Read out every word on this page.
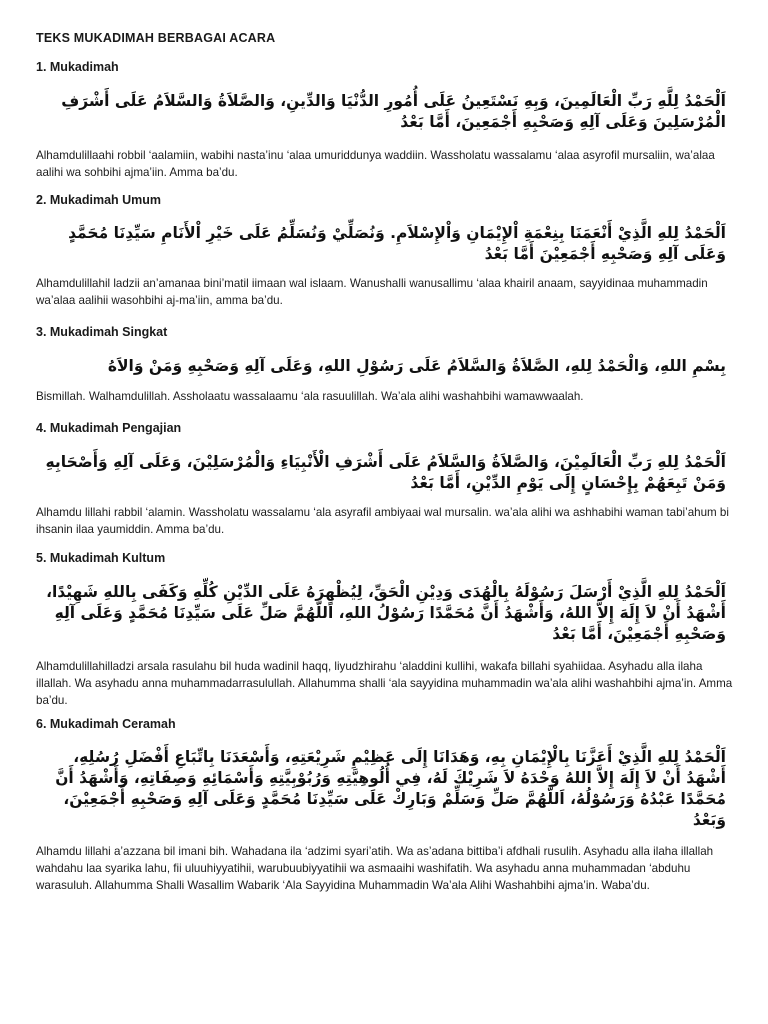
TEKS MUKADIMAH BERBAGAI ACARA
1. Mukadimah
اَلْحَمْدُ لِلَّهِ رَبِّ الْعَالَمِينَ، وَبِهِ نَسْتَعِينُ عَلَى أُمُورِ الدُّنْيَا وَالدِّينِ، وَالصَّلاَةُ وَالسَّلاَمُ عَلَى أَشْرَفِ الْمُرْسَلِينَ وَعَلَى آلِهِ وَصَحْبِهِ أَجْمَعِينَ، أَمَّا بَعْدُ
Alhamdulillaahi robbil ‘aalamiin, wabihi nasta’inu ‘alaa umuriddunya waddiin. Wassholatu wassalamu ‘alaa asyrofil mursaliin, wa’alaa aalihi wa sohbihi ajma’iin. Amma ba’du.
2. Mukadimah Umum
اَلْحَمْدُ لِلهِ الَّذِيْ أَنْعَمَنَا بِنِعْمَةِ اْلإِيْمَانِ وَاْلإِسْلاَمِ. وَنُصَلِّيْ وَنُسَلِّمُ عَلَى خَيْرِ اْلأَنَامِ سَيِّدِنَا مُحَمَّدٍ وَعَلَى آلِهِ وَصَحْبِهِ أَجْمَعِيْنَ أَمَّا بَعْدُ
Alhamdulillahil ladzii an’amanaa bini’matil iimaan wal islaam. Wanushalli wanusallimu ‘alaa khairil anaam, sayyidinaa muhammadin wa’alaa aalihii wasohbihi aj-ma’iin, amma ba’du.
3. Mukadimah Singkat
بِسْمِ اللهِ، وَالْحَمْدُ لِلهِ، الصَّلاَةُ وَالسَّلاَمُ عَلَى رَسُوْلِ اللهِ، وَعَلَى آلِهِ وَصَحْبِهِ وَمَنْ وَالاَهُ
Bismillah. Walhamdulillah. Assholaatu wassalaamu ‘ala rasuulillah. Wa’ala alihi washahbihi wamawwaalah.
4. Mukadimah Pengajian
اَلْحَمْدُ لِلهِ رَبِّ الْعَالَمِيْنَ، وَالصَّلاَةُ وَالسَّلاَمُ عَلَى أَشْرَفِ الْأَنْبِيَاءِ وَالْمُرْسَلِيْنَ، وَعَلَى آلِهِ وَأَصْحَابِهِ وَمَنْ تَبِعَهُمْ بِإِحْسَانٍ إِلَى يَوْمِ الدِّيْنِ، أَمَّا بَعْدُ
Alhamdu lillahi rabbil ‘alamin. Wassholatu wassalamu ‘ala asyrafil ambiyaai wal mursalin. wa’ala alihi wa ashhabihi waman tabi’ahum bi ihsanin ilaa yaumiddin. Amma ba’du.
5. Mukadimah Kultum
اَلْحَمْدُ لِلهِ الَّذِيْ أَرْسَلَ رَسُوْلَهُ بِالْهُدَى وَدِيْنِ الْحَقِّ، لِيُظْهِرَهُ عَلَى الدِّيْنِ كُلِّهِ وَكَفَى بِاللهِ شَهِيْدًا، أَشْهَدُ أَنْ لاَ إِلَهَ إِلاَّ اللهُ، وَأَشْهَدُ أَنَّ مُحَمَّدًا رَسُوْلُ اللهِ، اَللَّهُمَّ صَلِّ عَلَى سَيِّدِنَا مُحَمَّدٍ وَعَلَى آلِهِ وَصَحْبِهِ أَجْمَعِيْنَ، أَمَّا بَعْدُ
Alhamdulillahilladzi arsala rasulahu bil huda wadinil haqq, liyudzhirahu ‘aladdini kullihi, wakafa billahi syahiidaa. Asyhadu alla ilaha illallah. Wa asyhadu anna muhammadarrasulullah. Allahumma shalli ‘ala sayyidina muhammadin wa’ala alihi washahbihi ajma’in. Amma ba’du.
6. Mukadimah Ceramah
اَلْحَمْدُ لِلهِ الَّذِيْ أَعَزَّنَا بِالْإِيْمَانِ بِهِ، وَهَدَانَا إِلَى عَظِيْمِ شَرِيْعَتِهِ، وَأَسْعَدَنَا بِاتِّبَاعِ أَفْضَلِ رُسُلِهِ، أَشْهَدُ أَنْ لاَ إِلَهَ إِلاَّ اللهُ وَحْدَهُ لاَ شَرِيْكَ لَهُ، فِي أُلُوهِيَّتِهِ وَرُبُوْبِيَّتِهِ وَأَسْمَائِهِ وَصِفَاتِهِ، وَأَشْهَدُ أَنَّ مُحَمَّدًا عَبْدُهُ وَرَسُوْلُهُ، اَللَّهُمَّ صَلِّ وَسَلِّمْ وَبَارِكْ عَلَى سَيِّدِنَا مُحَمَّدٍ وَعَلَى آلِهِ وَصَحْبِهِ أَجْمَعِيْنَ، وَبَعْدُ
Alhamdu lillahi a’azzana bil imani bih. Wahadana ila ‘adzimi syari’atih. Wa as’adana bittiba’i afdhali rusulih. Asyhadu alla ilaha illallah wahdahu laa syarika lahu, fii uluuhiyyatihii, warubuubiyyatihii wa asmaaihi washifatih. Wa asyhadu anna muhammadan ‘abduhu warasuluh. Allahumma Shalli Wasallim Wabarik ‘Ala Sayyidina Muhammadin Wa’ala Alihi Washahbihi ajma’in. Waba’du.
